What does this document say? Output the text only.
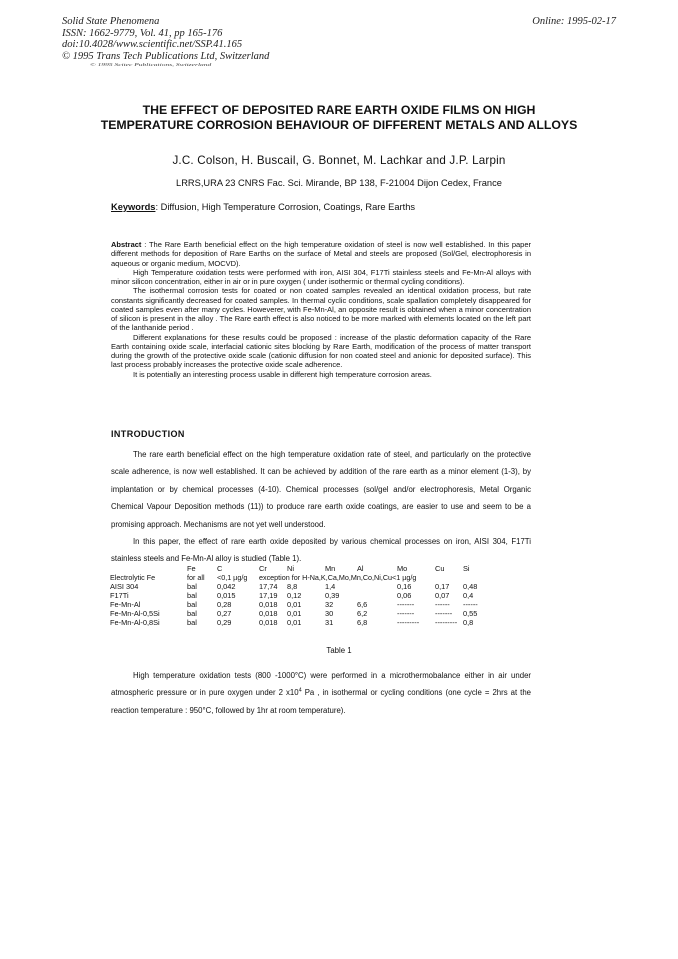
Solid State Phenomena
ISSN: 1662-9779, Vol. 41, pp 165-176
doi:10.4028/www.scientific.net/SSP.41.165
© 1995 Trans Tech Publications Ltd, Switzerland
Online: 1995-02-17
© 1995 Scitec Publications, Switzerland
THE EFFECT OF DEPOSITED RARE EARTH OXIDE FILMS ON HIGH TEMPERATURE CORROSION BEHAVIOUR OF DIFFERENT METALS AND ALLOYS
J.C. Colson, H. Buscail, G. Bonnet, M. Lachkar and J.P. Larpin
LRRS,URA 23 CNRS Fac. Sci. Mirande, BP 138, F-21004 Dijon Cedex, France
Keywords: Diffusion, High Temperature Corrosion, Coatings, Rare Earths

Abstract : The Rare Earth beneficial effect on the high temperature oxidation of steel is now well established. In this paper different methods for deposition of Rare Earths on the surface of Metal and steels are proposed (Sol/Gel, electrophoresis in aqueous or organic medium, MOCVD).

High Temperature oxidation tests were performed with iron, AISI 304, F17Ti stainless steels and Fe-Mn-Al alloys with minor silicon concentration, either in air or in pure oxygen ( under isothermic or thermal cycling conditions).

The isothermal corrosion tests for coated or non coated samples revealed an identical oxidation process, but rate constants significantly decreased for coated samples. In thermal cyclic conditions, scale spallation completely disappeared for coated samples even after many cycles. Howeverer, with Fe-Mn-Al, an opposite result is obtained when a minor concentration of silicon is present in the alloy . The Rare earth effect is also noticed to be more marked with elements located on the left part of the lanthanide period .

Different explanations for these results could be proposed : increase of the plastic deformation capacity of the Rare Earth containing oxide scale, interfacial cationic sites blocking by Rare Earth, modification of the process of matter transport during the growth of the protective oxide scale (cationic diffusion for non coated steel and anionic for deposited surface). This last process probably increases the protective oxide scale adherence.

It is potentially an interesting process usable in different high temperature corrosion areas.

INTRODUCTION

The rare earth beneficial effect on the high temperature oxidation rate of steel, and particularly on the protective scale adherence, is now well established. It can be achieved by addition of the rare earth as a minor element (1-3), by implantation or by chemical processes (4-10). Chemical processes (sol/gel and/or electrophoresis, Metal Organic Chemical Vapour Deposition methods (11)) to produce rare earth oxide coatings, are easier to use and seem to be a promising approach. Mechanisms are not yet well understood.

In this paper, the effect of rare earth oxide deposited by various chemical processes on iron, AISI 304, F17Ti stainless steels and Fe-Mn-Al alloy is studied (Table 1).

	Fe	C	Cr	Ni	Mn	Al	Mo	Cu	Si
Electrolytic Fe	for all	<0,1 µg/g	exception for H-Na,K,Ca,Mo,Mn,Co,Ni,Cu<1 µg/g						
AISI 304	bal	0,042	17,74	8,8	1,4		0,16	0,17	0,48
F17Ti	bal	0,015	17,19	0,12	0,39		0,06	0,07	0,4
Fe-Mn-Al	bal	0,28	0,018	0,01	32	6,6	-------	------	------
Fe-Mn-Al-0,5Si	bal	0,27	0,018	0,01	30	6,2	-------	-------	0,55
Fe-Mn-Al-0,8Si	bal	0,29	0,018	0,01	31	6,8	---------	---------	0,8
Table 1

High temperature oxidation tests (800 -1000°C) were performed in a microthermobalance either in air under atmospheric pressure or in pure oxygen under 2 $x10^4$ Pa , in isothermal or cycling conditions (one cycle = 2hrs at the reaction temperature : 950°C, followed by 1hr at room temperature).
